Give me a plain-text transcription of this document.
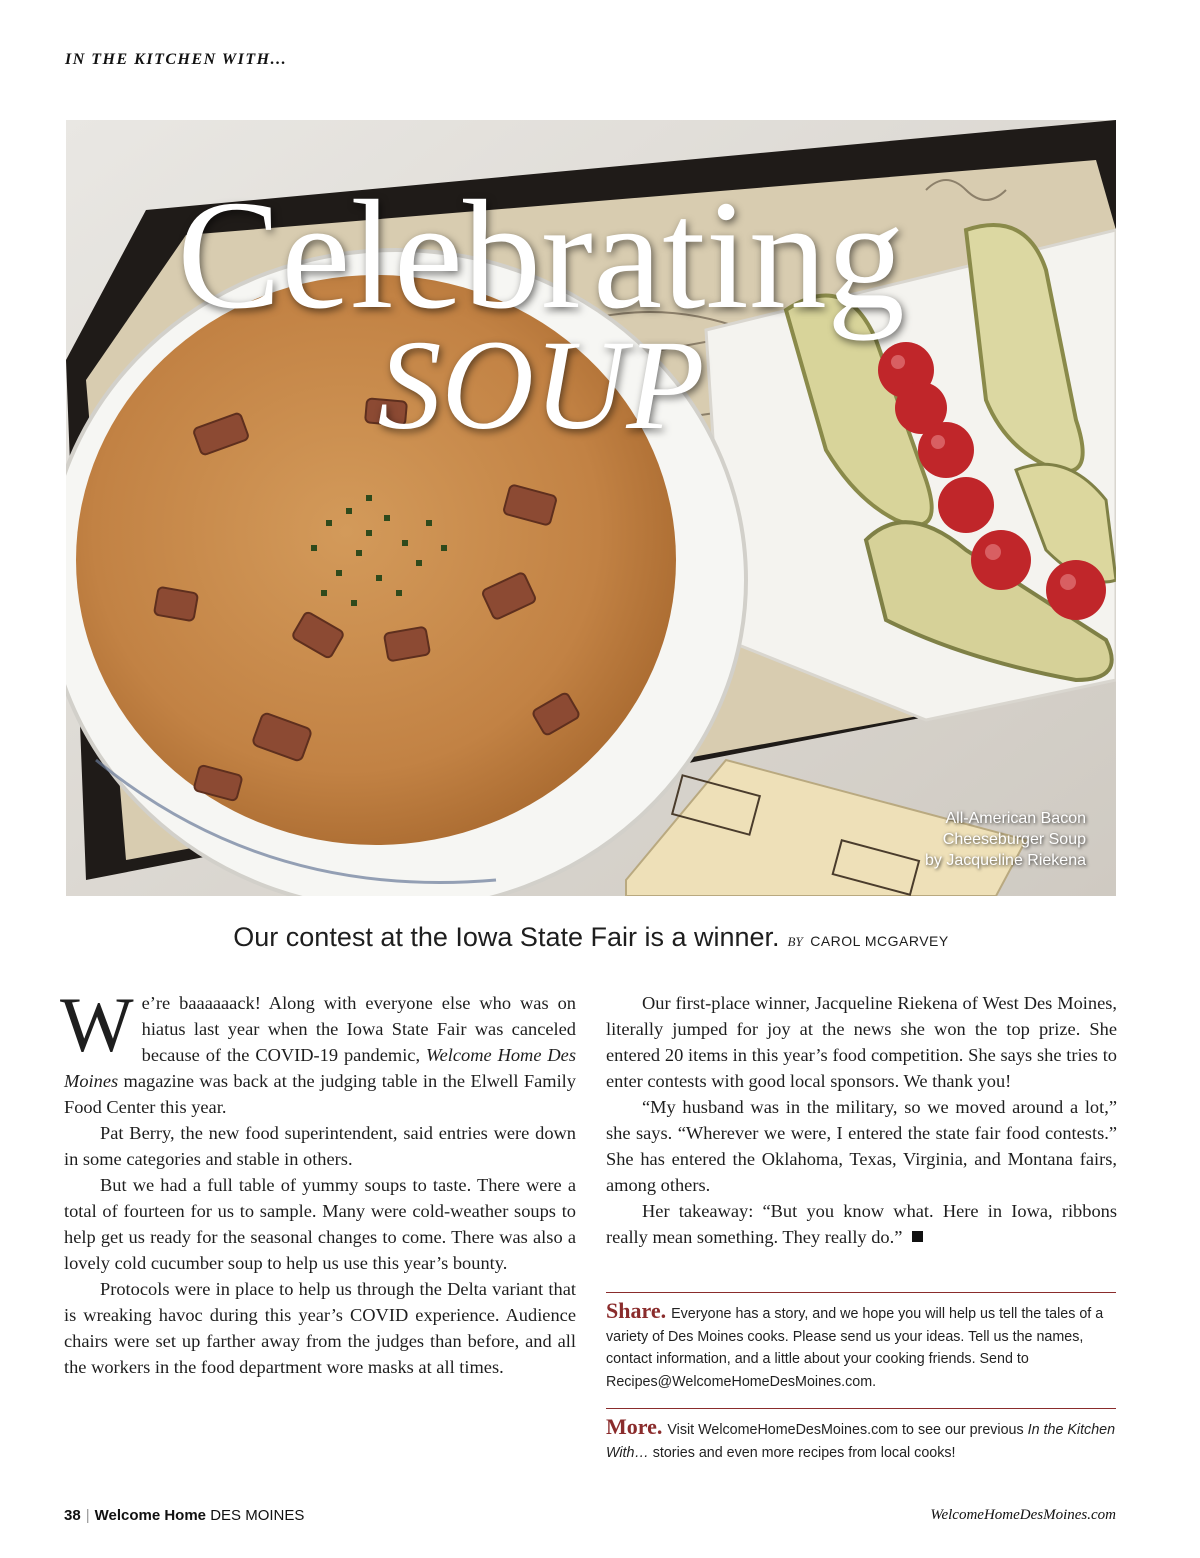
IN THE KITCHEN WITH...
Celebrating
SOUP
All-American Bacon
Cheeseburger Soup
by Jacqueline Riekena
Our contest at the Iowa State Fair is a winner. BY CAROL MCGARVEY

We’re baaaaaack! Along with everyone else who was on hiatus last year when the Iowa State Fair was canceled because of the COVID-19 pandemic, Welcome Home Des Moines magazine was back at the judging table in the Elwell Family Food Center this year.

Pat Berry, the new food superintendent, said entries were down in some categories and stable in others.

But we had a full table of yummy soups to taste. There were a total of fourteen for us to sample. Many were cold-weather soups to help get us ready for the seasonal changes to come. There was also a lovely cold cucumber soup to help us use this year’s bounty.

Protocols were in place to help us through the Delta variant that is wreaking havoc during this year’s COVID experience. Audience chairs were set up farther away from the judges than before, and all the workers in the food department wore masks at all times.

Our first-place winner, Jacqueline Riekena of West Des Moines, literally jumped for joy at the news she won the top prize. She entered 20 items in this year’s food competition. She says she tries to enter contests with good local sponsors. We thank you!

“My husband was in the military, so we moved around a lot,” she says. “Wherever we were, I entered the state fair food contests.” She has entered the Oklahoma, Texas, Virginia, and Montana fairs, among others.

Her takeaway: “But you know what. Here in Iowa, ribbons really mean something. They really do.”

Share. Everyone has a story, and we hope you will help us tell the tales of a variety of Des Moines cooks. Please send us your ideas. Tell us the names, contact information, and a little about your cooking friends. Send to Recipes@WelcomeHomeDesMoines.com.
More. Visit WelcomeHomeDesMoines.com to see our previous In the Kitchen With… stories and even more recipes from local cooks!
38 | Welcome Home DES MOINES	WelcomeHomeDesMoines.com
